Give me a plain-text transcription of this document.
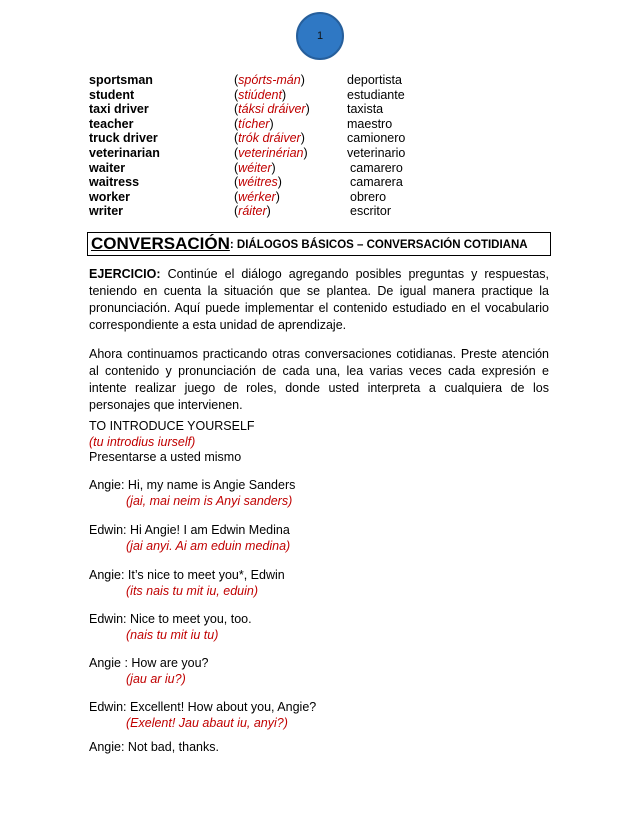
1
sportsman	(spórts-mán)	deportista
student	(stiúdent)	estudiante
taxi driver	(táksi dráiver)	taxista
teacher	(tícher)	maestro
truck driver	(trók dráiver)	camionero
veterinarian	(veterinérian)	veterinario
waiter	(wéiter)	camarero
waitress	(wéitres)	camarera
worker	(wérker)	obrero
writer	(ráiter)	escritor
CONVERSACIÓN : DIÁLOGOS BÁSICOS – CONVERSACIÓN COTIDIANA

EJERCICIO: Continúe el diálogo agregando posibles preguntas y respuestas, teniendo en cuenta la situación que se plantea. De igual manera practique la pronunciación. Aquí puede implementar el contenido estudiado en el vocabulario correspondiente a esta unidad de aprendizaje.

Ahora continuamos practicando otras conversaciones cotidianas. Preste atención al contenido y pronunciación de cada una, lea varias veces cada expresión e intente realizar juego de roles, donde usted interpreta a cualquiera de los personajes que intervienen.

TO INTRODUCE YOURSELF
(tu introdius iurself)
Presentarse a usted mismo
Angie: Hi, my name is Angie Sanders
(jai, mai neim is Anyi sanders)
Edwin: Hi Angie! I am Edwin Medina
(jai anyi. Ai am eduin medina)
Angie: It’s nice to meet you*, Edwin
(its nais tu mit iu, eduin)
Edwin: Nice to meet you, too.
(nais tu mit iu tu)
Angie : How are you?
(jau ar iu?)
Edwin: Excellent! How about you, Angie?
(Exelent! Jau abaut iu, anyi?)
Angie: Not bad, thanks.
